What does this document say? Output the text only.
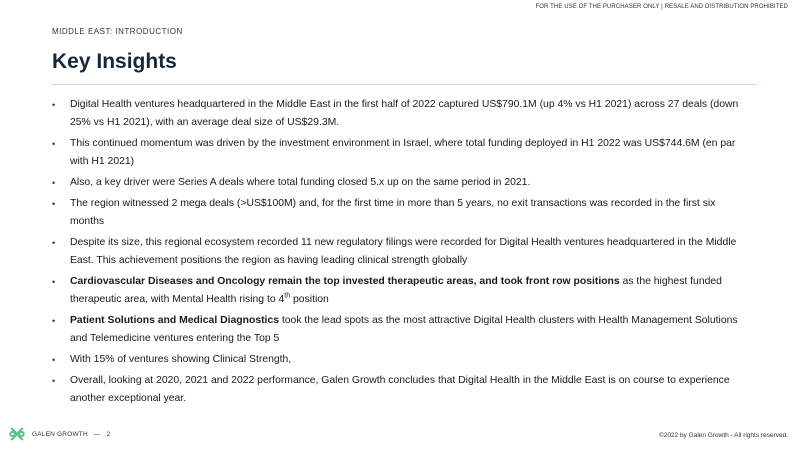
FOR THE USE OF THE PURCHASER ONLY | RESALE AND DISTRIBUTION PROHIBITED
MIDDLE EAST: INTRODUCTION
Key Insights
• Digital Health ventures headquartered in the Middle East in the first half of 2022 captured US$790.1M (up 4% vs H1 2021) across 27 deals (down 25% vs H1 2021), with an average deal size of US$29.3M.
• This continued momentum was driven by the investment environment in Israel, where total funding deployed in H1 2022 was US$744.6M (en par with H1 2021)
• Also, a key driver were Series A deals where total funding closed 5.x up on the same period in 2021.
• The region witnessed 2 mega deals (>US$100M) and, for the first time in more than 5 years, no exit transactions was recorded in the first six months
• Despite its size, this regional ecosystem recorded 11 new regulatory filings were recorded for Digital Health ventures headquartered in the Middle East. This achievement positions the region as having leading clinical strength globally
• Cardiovascular Diseases and Oncology remain the top invested therapeutic areas, and took front row positions as the highest funded therapeutic area, with Mental Health rising to 4th position
• Patient Solutions and Medical Diagnostics took the lead spots as the most attractive Digital Health clusters with Health Management Solutions and Telemedicine ventures entering the Top 5
• With 15% of ventures showing Clinical Strength,
• Overall, looking at 2020, 2021 and 2022 performance, Galen Growth concludes that Digital Health in the Middle East is on course to experience another exceptional year.
GALEN GROWTH — 2	©2022 by Galen Growth - All rights reserved.
